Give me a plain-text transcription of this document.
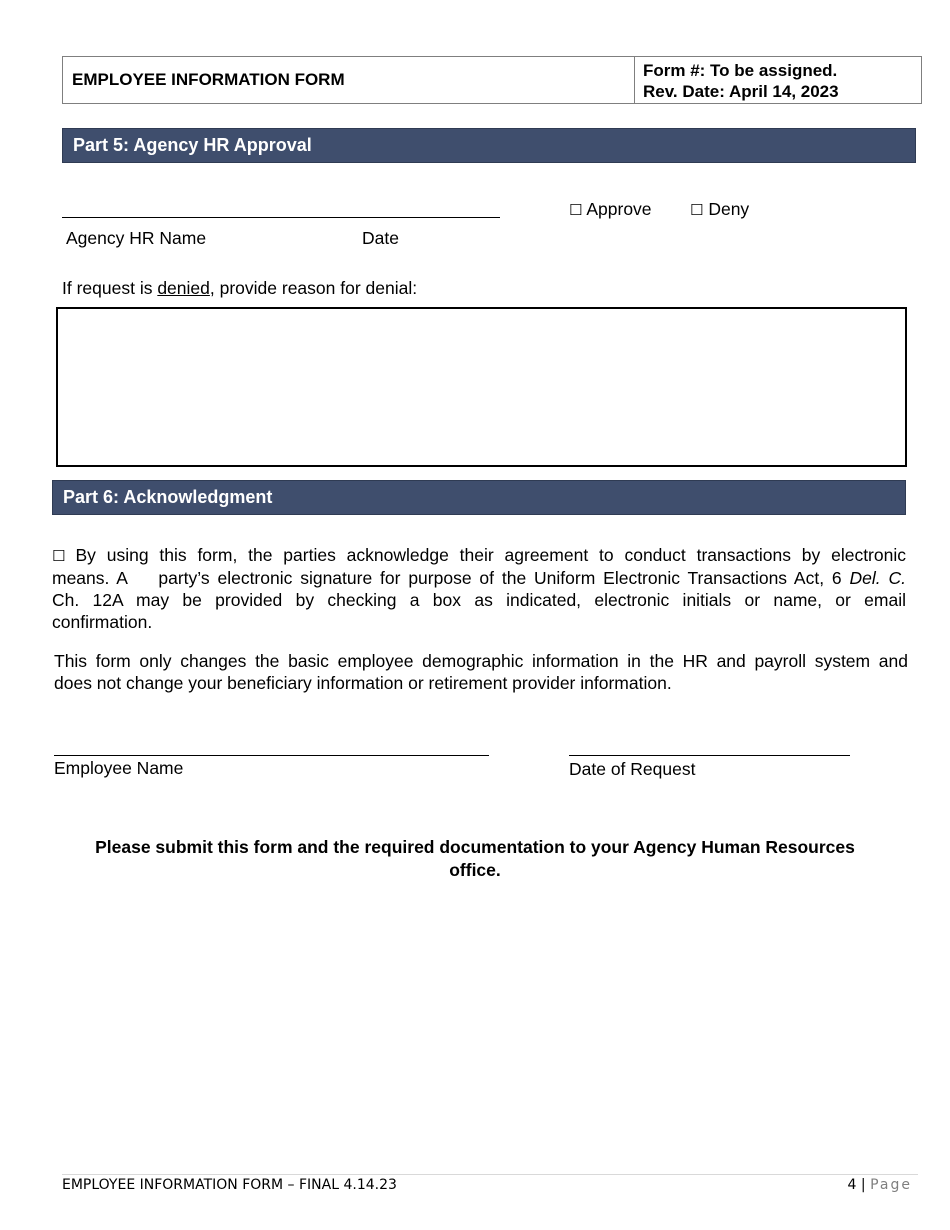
EMPLOYEE INFORMATION FORM	Form #: To be assigned.
Rev. Date: April 14, 2023
Part 5: Agency HR Approval
Agency HR Name	Date
☐ Approve	☐ Deny
If request is denied, provide reason for denial:
Part 6: Acknowledgment
☐ By using this form, the parties acknowledge their agreement to conduct transactions by electronic
means. A    party’s electronic signature for purpose of the Uniform Electronic Transactions Act, 6 Del. C.
Ch. 12A may be provided by checking a box as indicated, electronic initials or name, or email
confirmation.
This form only changes the basic employee demographic information in the HR and payroll system and
does not change your beneficiary information or retirement provider information.
Employee Name	Date of Request
Please submit this form and the required documentation to your Agency Human Resources
office.
EMPLOYEE INFORMATION FORM – FINAL 4.14.23	4 | Page
